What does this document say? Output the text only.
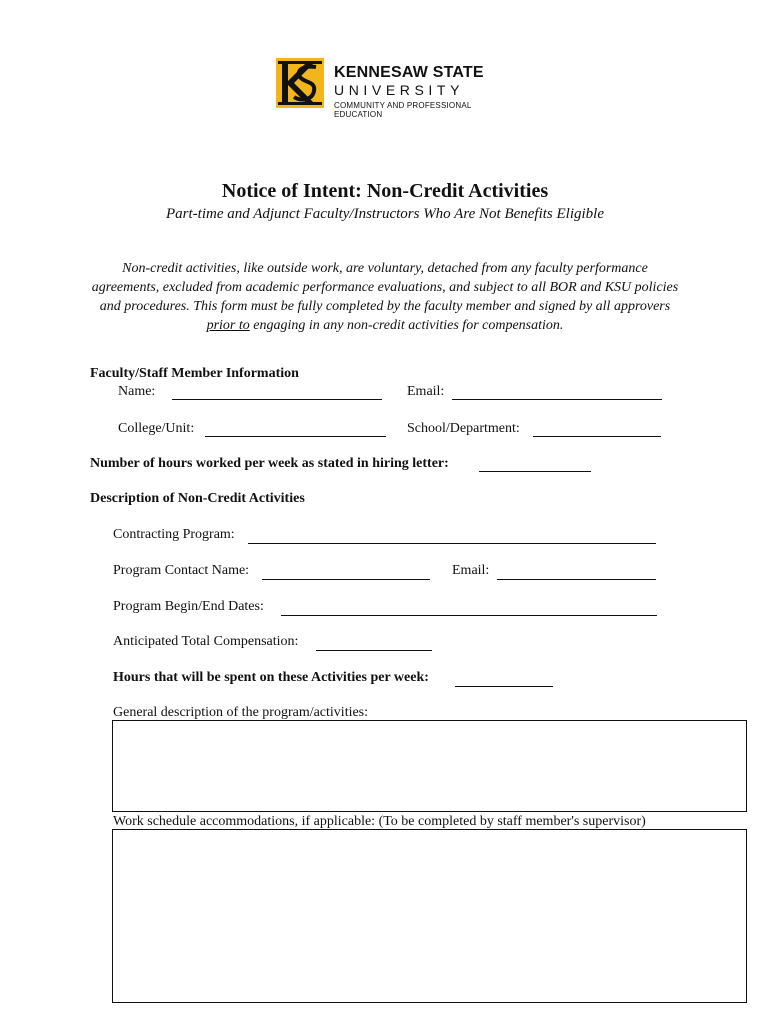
KENNESAW STATE
UNIVERSITY
COMMUNITY AND PROFESSIONAL EDUCATION
Notice of Intent: Non-Credit Activities
Part-time and Adjunct Faculty/Instructors Who Are Not Benefits Eligible
Non-credit activities, like outside work, are voluntary, detached from any faculty performance agreements, excluded from academic performance evaluations, and subject to all BOR and KSU policies and procedures. This form must be fully completed by the faculty member and signed by all approvers prior to engaging in any non-credit activities for compensation.
Faculty/Staff Member Information
Name:	Email:
College/Unit:	School/Department:
Number of hours worked per week as stated in hiring letter:
Description of Non-Credit Activities
Contracting Program:
Program Contact Name:	Email:
Program Begin/End Dates:
Anticipated Total Compensation:
Hours that will be spent on these Activities per week:
General description of the program/activities:
Work schedule accommodations, if applicable: (To be completed by staff member's supervisor)
